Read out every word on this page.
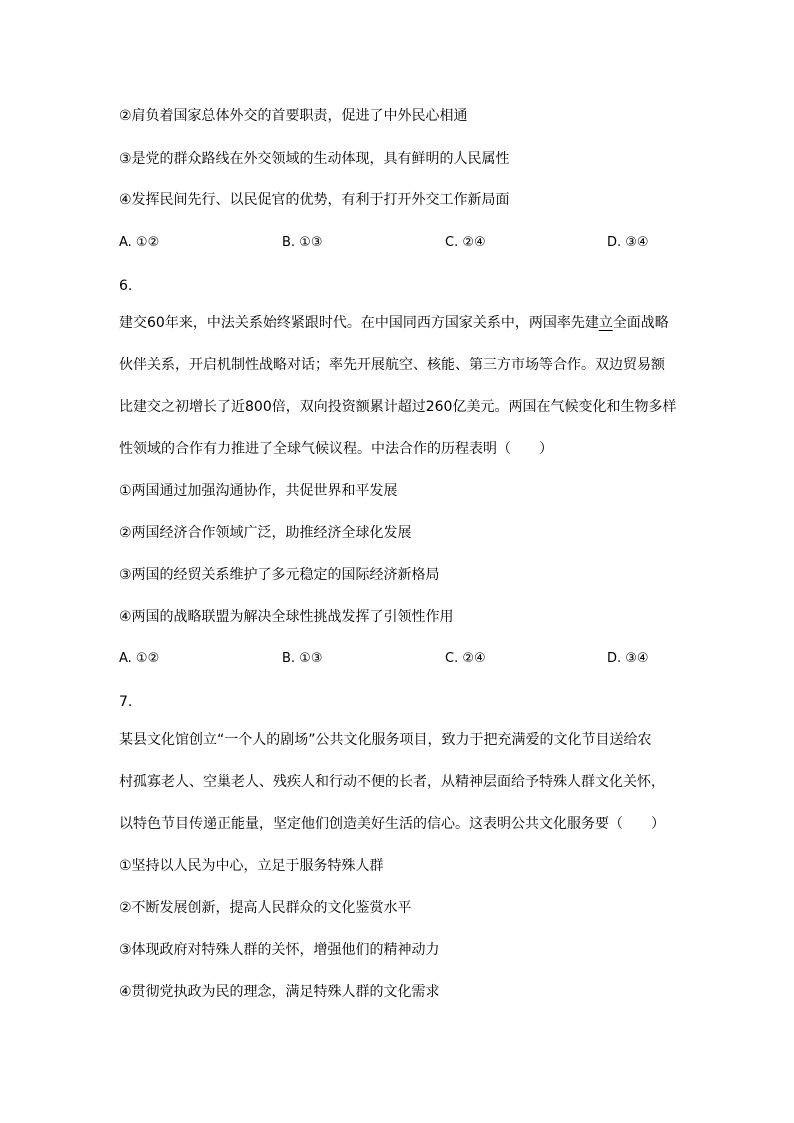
②肩负着国家总体外交的首要职责，促进了中外民心相通
③是党的群众路线在外交领域的生动体现，具有鲜明的人民属性
④发挥民间先行、以民促官的优势，有利于打开外交工作新局面
A. ①②	B. ①③	C. ②④	D. ③④
6.
建交60年来，中法关系始终紧跟时代。在中国同西方国家关系中，两国率先建立全面战略
伙伴关系，开启机制性战略对话；率先开展航空、核能、第三方市场等合作。双边贸易额
比建交之初增长了近800倍，双向投资额累计超过260亿美元。两国在气候变化和生物多样
性领域的合作有力推进了全球气候议程。中法合作的历程表明（　　）
①两国通过加强沟通协作，共促世界和平发展
②两国经济合作领域广泛，助推经济全球化发展
③两国的经贸关系维护了多元稳定的国际经济新格局
④两国的战略联盟为解决全球性挑战发挥了引领性作用
A. ①②	B. ①③	C. ②④	D. ③④
7.
某县文化馆创立“一个人的剧场”公共文化服务项目，致力于把充满爱的文化节目送给农
村孤寡老人、空巢老人、残疾人和行动不便的长者，从精神层面给予特殊人群文化关怀，
以特色节目传递正能量，坚定他们创造美好生活的信心。这表明公共文化服务要（　　）
①坚持以人民为中心，立足于服务特殊人群
②不断发展创新，提高人民群众的文化鉴赏水平
③体现政府对特殊人群的关怀，增强他们的精神动力
④贯彻党执政为民的理念，满足特殊人群的文化需求
